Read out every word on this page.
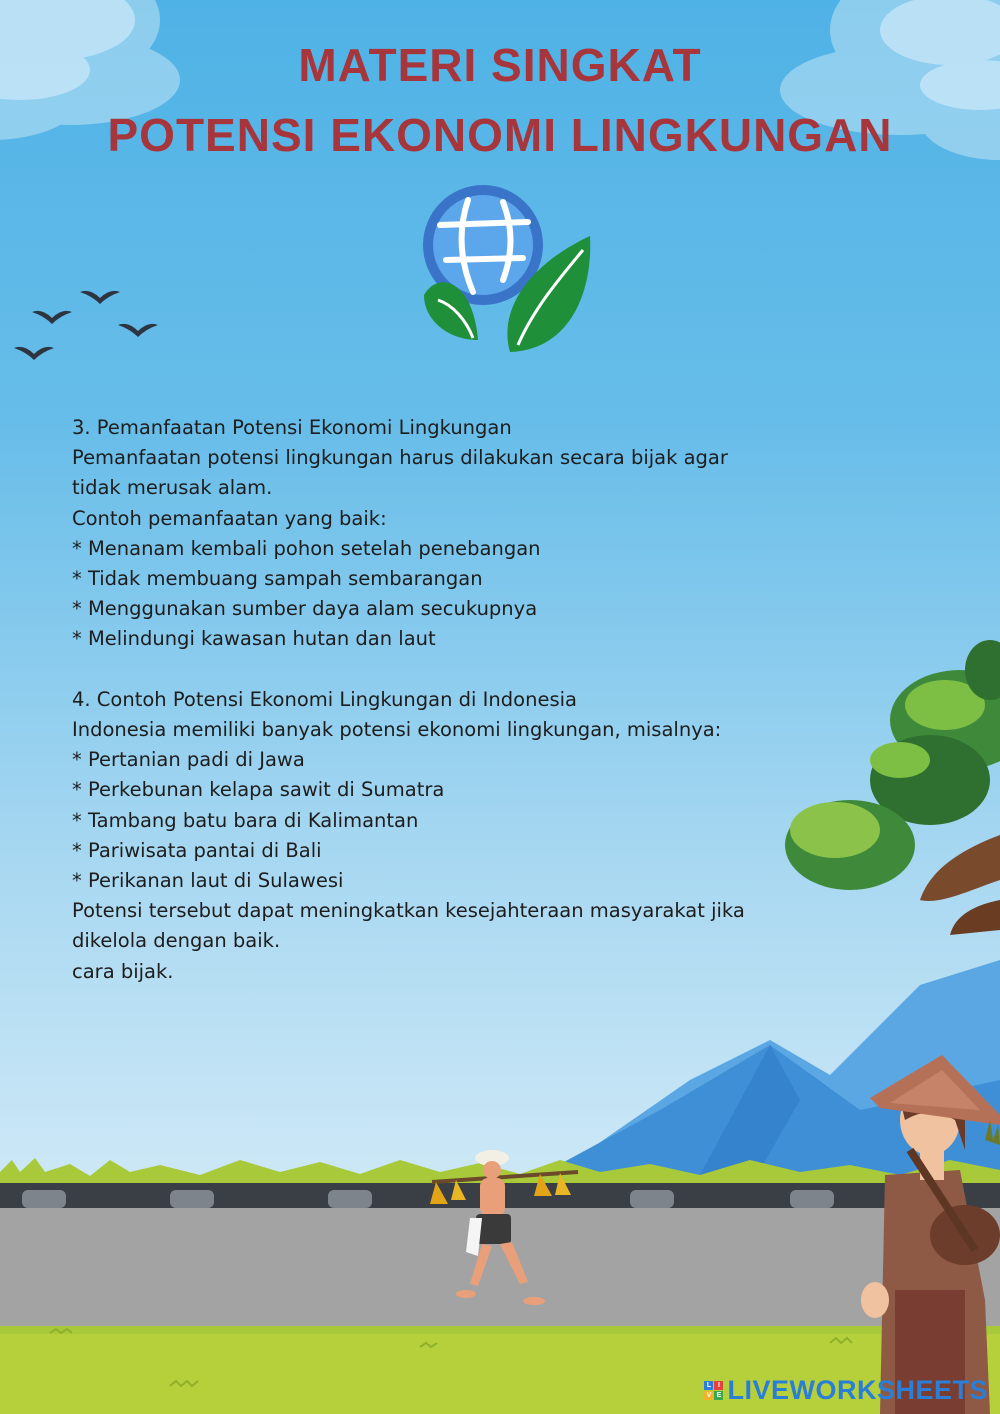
MATERI SINGKAT
POTENSI EKONOMI LINGKUNGAN

3. Pemanfaatan Potensi Ekonomi Lingkungan

Pemanfaatan potensi lingkungan harus dilakukan secara bijak agar

tidak merusak alam.

Contoh pemanfaatan yang baik:

* Menanam kembali pohon setelah penebangan

* Tidak membuang sampah sembarangan

* Menggunakan sumber daya alam secukupnya

* Melindungi kawasan hutan dan laut

4. Contoh Potensi Ekonomi Lingkungan di Indonesia

Indonesia memiliki banyak potensi ekonomi lingkungan, misalnya:

* Pertanian padi di Jawa

* Perkebunan kelapa sawit di Sumatra

* Tambang batu bara di Kalimantan

* Pariwisata pantai di Bali

* Perikanan laut di Sulawesi

Potensi tersebut dapat meningkatkan kesejahteraan masyarakat jika

dikelola dengan baik.

cara bijak.

L I
V E LIVEWORKSHEETS
